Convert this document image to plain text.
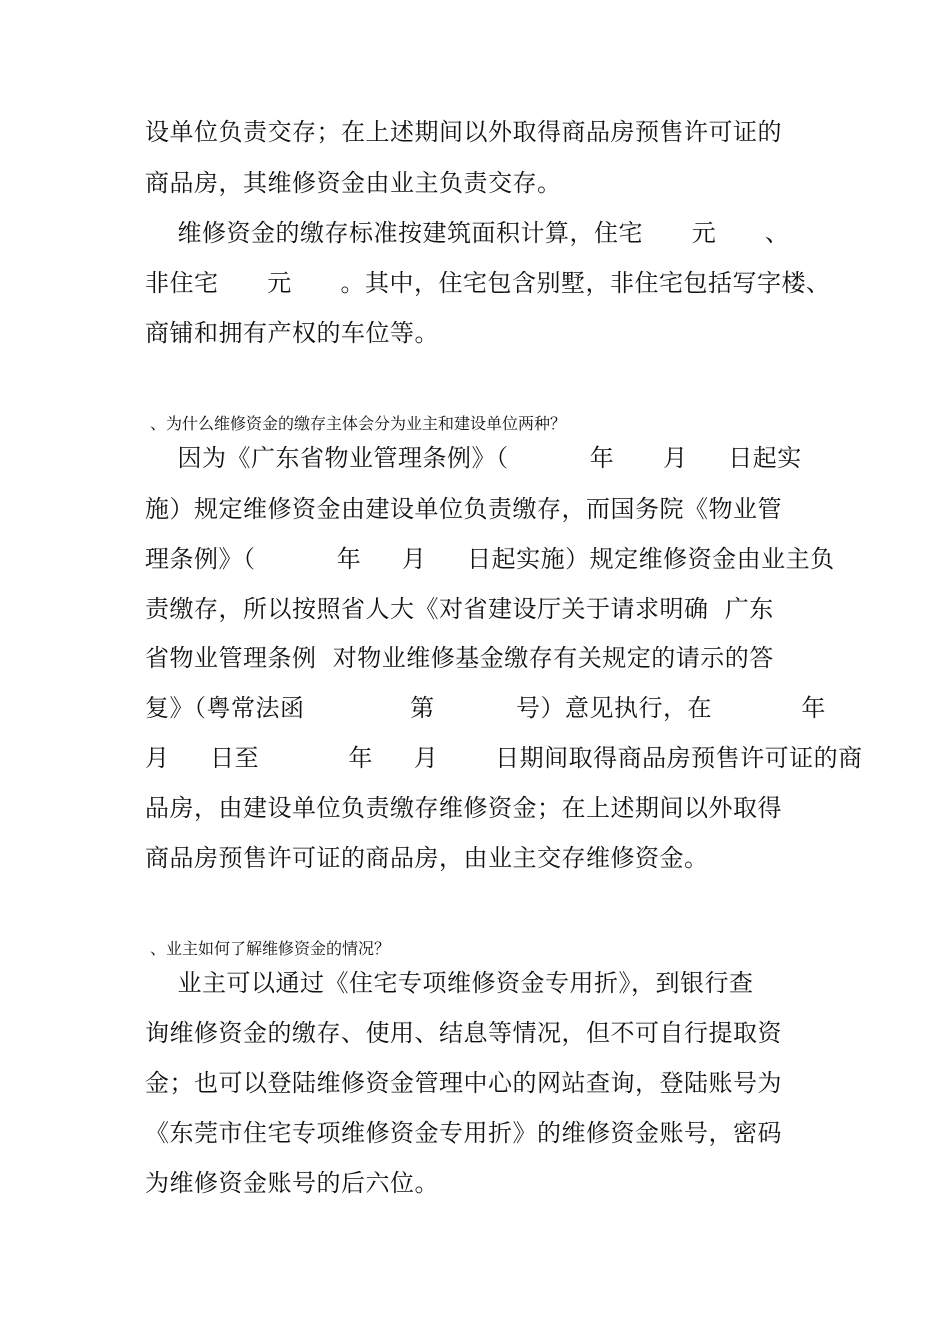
设单位负责交存；在上述期间以外取得商品房预售许可证的
商品房，其维修资金由业主负责交存。
维修资金的缴存标准按建筑面积计算，住宅      元      、
非住宅      元      。其中，住宅包含别墅，非住宅包括写字楼、
商铺和拥有产权的车位等。
、为什么维修资金的缴存主体会分为业主和建设单位两种？
因为《广东省物业管理条例》（          年      月     日起实
施）规定维修资金由建设单位负责缴存，而国务院《物业管
理条例》（          年     月     日起实施）规定维修资金由业主负
责缴存，所以按照省人大《对省建设厅关于请求明确  广东
省物业管理条例  对物业维修基金缴存有关规定的请示的答
复》（粤常法函             第          号）意见执行，在           年
月     日至           年     月       日期间取得商品房预售许可证的商
品房，由建设单位负责缴存维修资金；在上述期间以外取得
商品房预售许可证的商品房，由业主交存维修资金。
、业主如何了解维修资金的情况？
业主可以通过《住宅专项维修资金专用折》，到银行查
询维修资金的缴存、使用、结息等情况，但不可自行提取资
金；也可以登陆维修资金管理中心的网站查询，登陆账号为
《东莞市住宅专项维修资金专用折》的维修资金账号，密码
为维修资金账号的后六位。
